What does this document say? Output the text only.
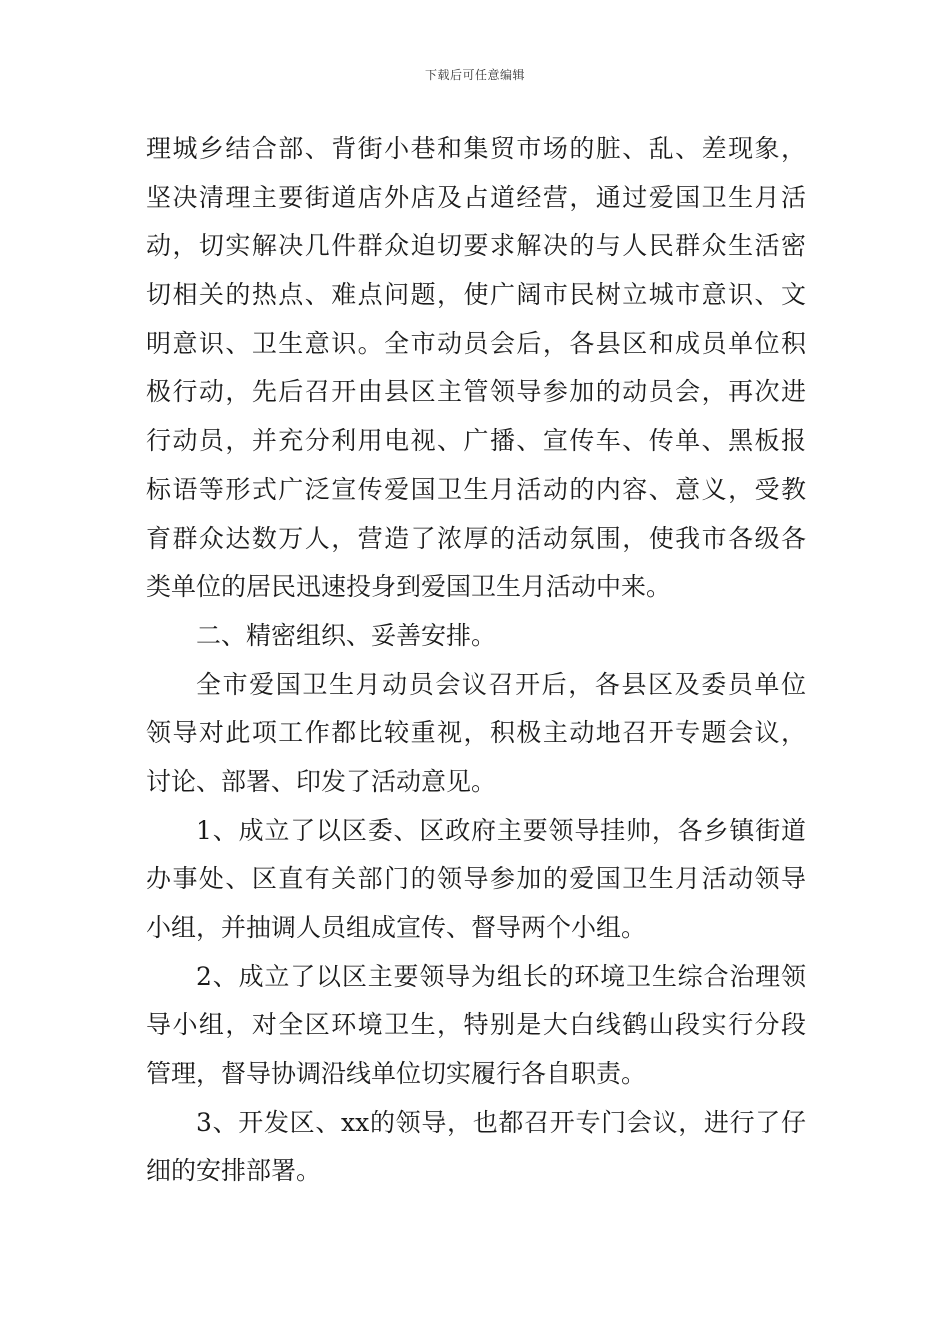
下载后可任意编辑
理城乡结合部、背街小巷和集贸市场的脏、乱、差现象，
坚决清理主要街道店外店及占道经营，通过爱国卫生月活
动，切实解决几件群众迫切要求解决的与人民群众生活密
切相关的热点、难点问题，使广阔市民树立城市意识、文
明意识、卫生意识。全市动员会后，各县区和成员单位积
极行动，先后召开由县区主管领导参加的动员会，再次进
行动员，并充分利用电视、广播、宣传车、传单、黑板报
标语等形式广泛宣传爱国卫生月活动的内容、意义，受教
育群众达数万人，营造了浓厚的活动氛围，使我市各级各
类单位的居民迅速投身到爱国卫生月活动中来。
二、精密组织、妥善安排。
全市爱国卫生月动员会议召开后，各县区及委员单位
领导对此项工作都比较重视，积极主动地召开专题会议，
讨论、部署、印发了活动意见。
1、成立了以区委、区政府主要领导挂帅，各乡镇街道
办事处、区直有关部门的领导参加的爱国卫生月活动领导
小组，并抽调人员组成宣传、督导两个小组。
2、成立了以区主要领导为组长的环境卫生综合治理领
导小组，对全区环境卫生，特别是大白线鹤山段实行分段
管理，督导协调沿线单位切实履行各自职责。
3、开发区、xx的领导，也都召开专门会议，进行了仔
细的安排部署。
